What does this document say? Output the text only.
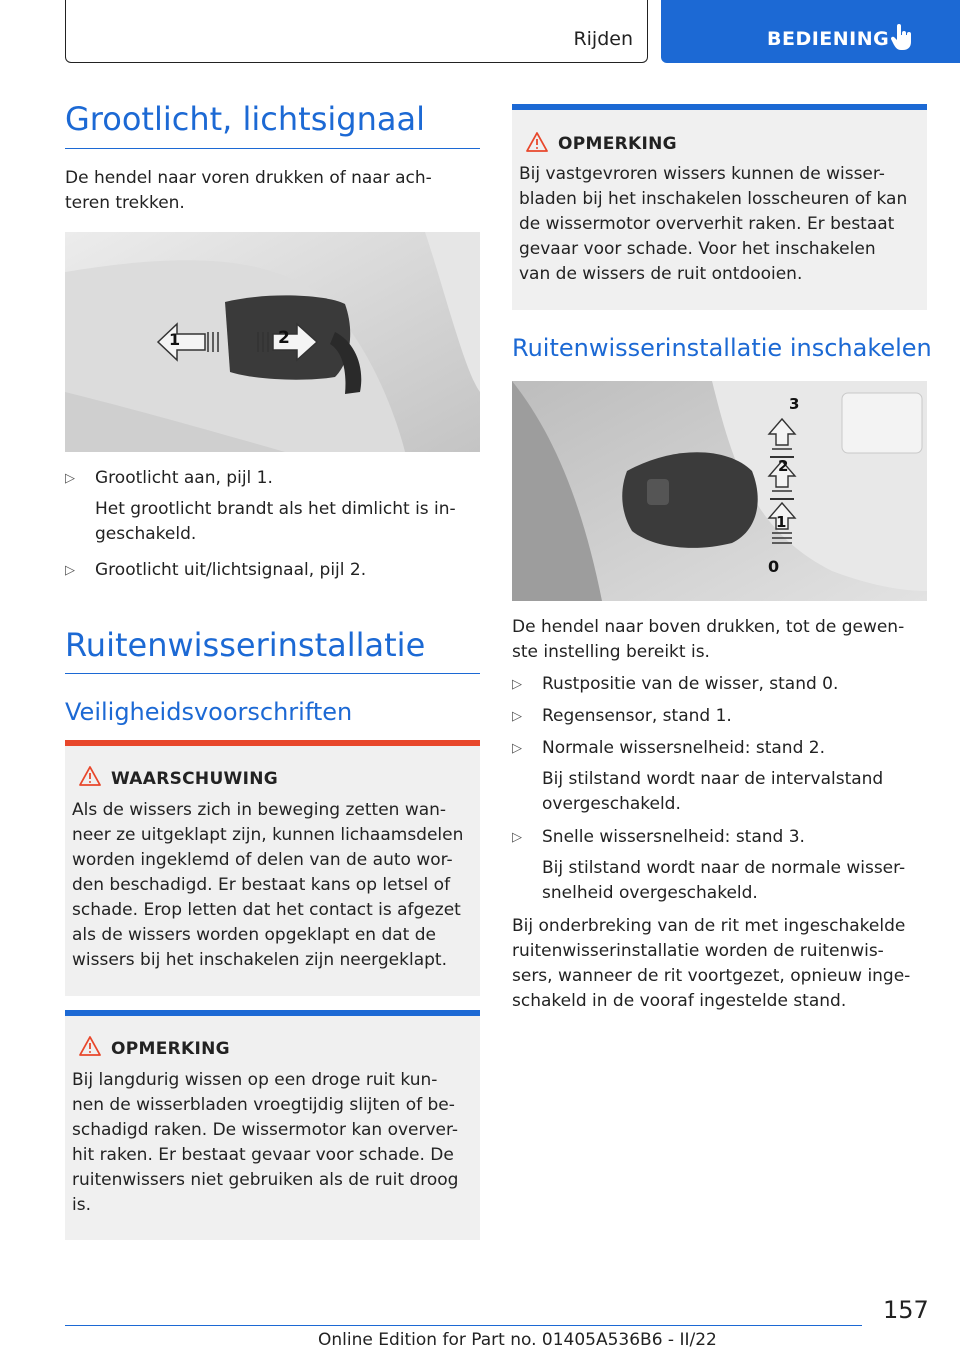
Rijden	BEDIENING
Grootlicht, lichtsignaal
De hendel naar voren drukken of naar ach-
teren trekken.
1	2
▷	Grootlicht aan, pijl 1.
Het grootlicht brandt als het dimlicht is in-
geschakeld.
▷	Grootlicht uit/lichtsignaal, pijl 2.
Ruitenwisserinstallatie
Veiligheidsvoorschriften
WAARSCHUWING
Als de wissers zich in beweging zetten wan-
neer ze uitgeklapt zijn, kunnen lichaamsdelen
worden ingeklemd of delen van de auto wor-
den beschadigd. Er bestaat kans op letsel of
schade. Erop letten dat het contact is afgezet
als de wissers worden opgeklapt en dat de
wissers bij het inschakelen zijn neergeklapt.
OPMERKING
Bij langdurig wissen op een droge ruit kun-
nen de wisserbladen vroegtijdig slijten of be-
schadigd raken. De wissermotor kan overver-
hit raken. Er bestaat gevaar voor schade. De
ruitenwissers niet gebruiken als de ruit droog
is.
OPMERKING
Bij vastgevroren wissers kunnen de wisser-
bladen bij het inschakelen losscheuren of kan
de wissermotor oververhit raken. Er bestaat
gevaar voor schade. Voor het inschakelen
van de wissers de ruit ontdooien.
Ruitenwisserinstallatie inschakelen
3
2
1
0
De hendel naar boven drukken, tot de gewen-
ste instelling bereikt is.
▷	Rustpositie van de wisser, stand 0.
▷	Regensensor, stand 1.
▷	Normale wissersnelheid: stand 2.
Bij stilstand wordt naar de intervalstand
overgeschakeld.
▷	Snelle wissersnelheid: stand 3.
Bij stilstand wordt naar de normale wisser-
snelheid overgeschakeld.
Bij onderbreking van de rit met ingeschakelde
ruitenwisserinstallatie worden de ruitenwis-
sers, wanneer de rit voortgezet, opnieuw inge-
schakeld in de vooraf ingestelde stand.
157
Online Edition for Part no. 01405A536B6 - II/22
